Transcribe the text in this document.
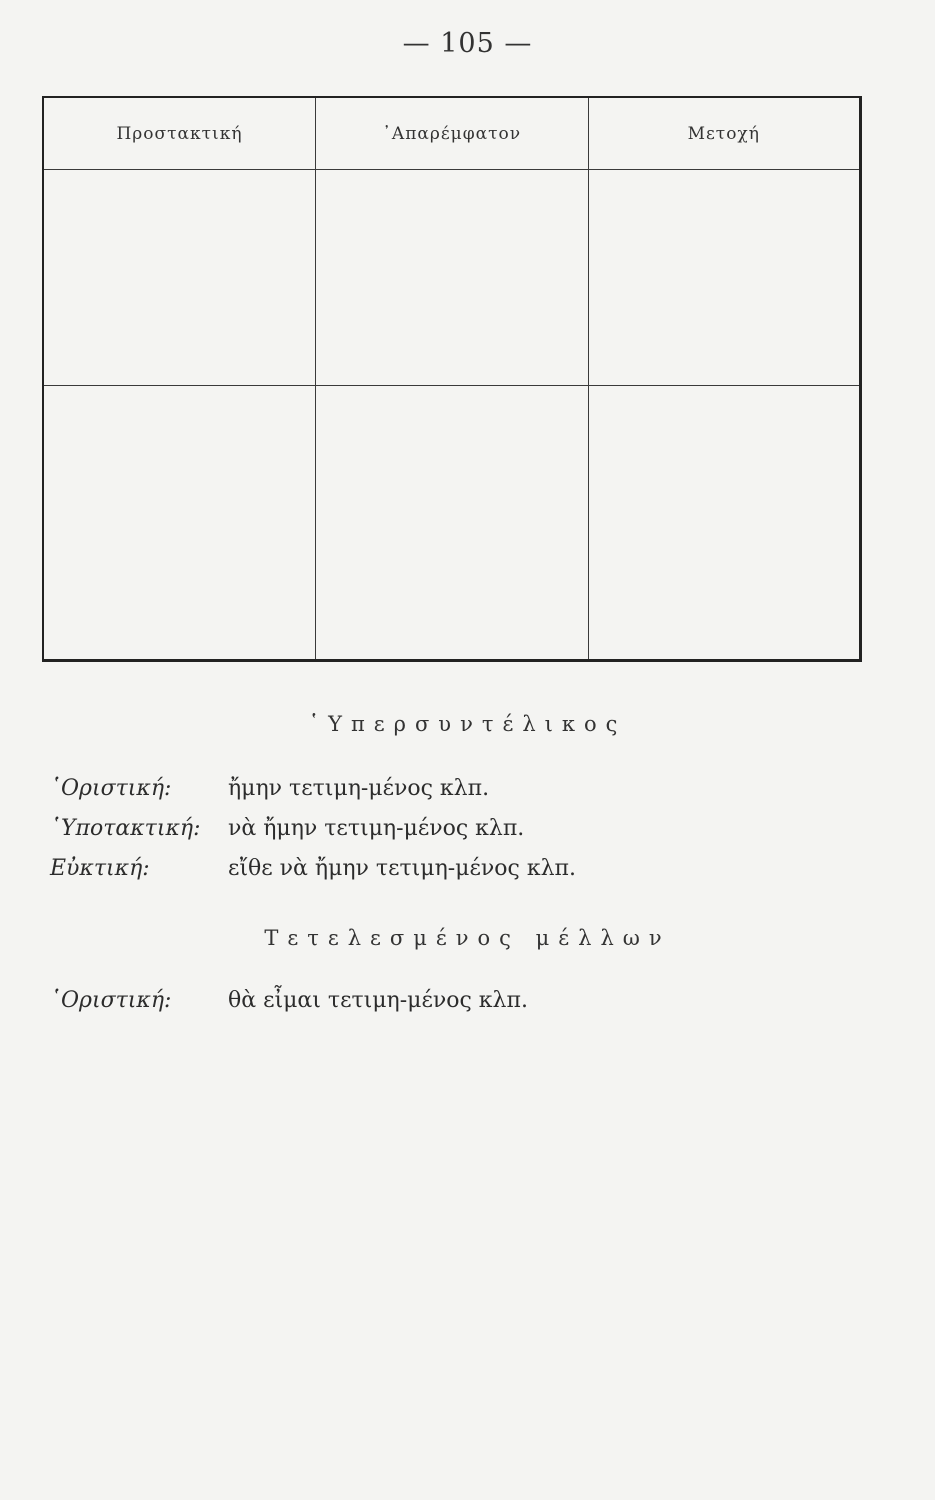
— 105 —
Προστακτική	᾿Απαρέμφατον	Μετοχή

῾Υπερσυντέλικος
῾Οριστική:	ἤμην τετιμη-μένος κλπ.
῾Υποτακτική: νὰ ἤμην τετιμη-μένος κλπ.
Εὐκτική:	εἴθε νὰ ἤμην τετιμη-μένος κλπ.
Τετελεσμένος μέλλων
῾Οριστική:	θὰ εἶμαι τετιμη-μένος κλπ.
